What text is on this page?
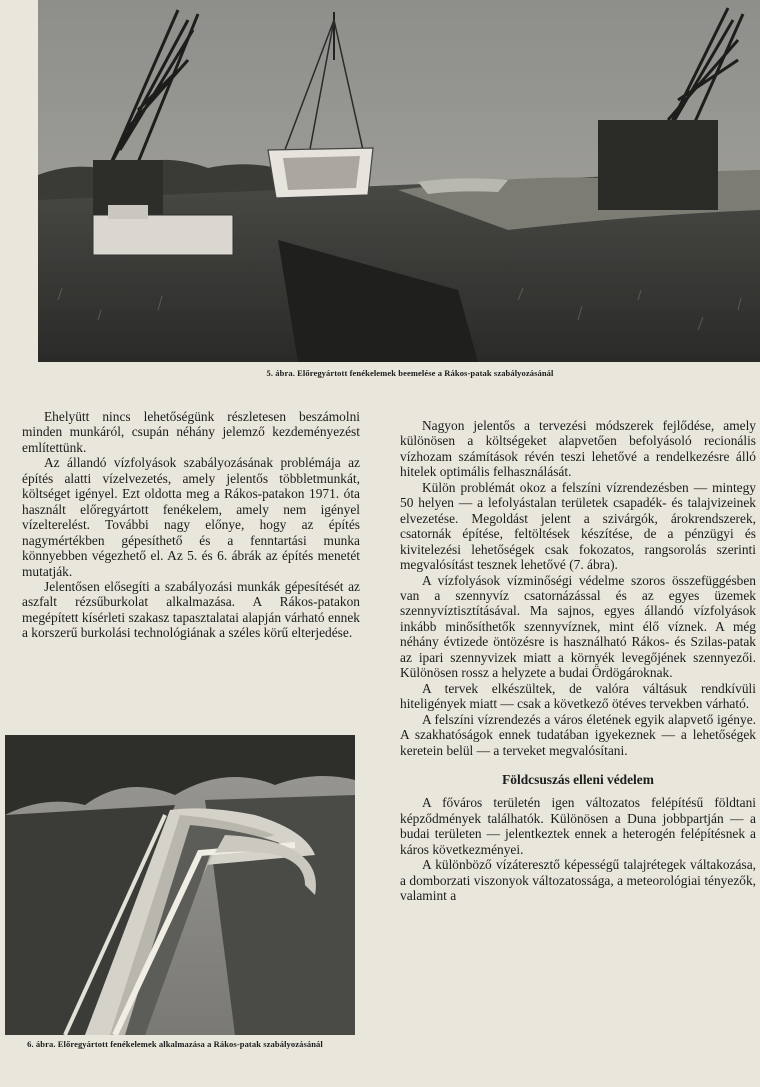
5. ábra. Előregyártott fenékelemek beemelése a Rákos-patak szabályozásánál

Ehelyütt nincs lehetőségünk részletesen beszámolni minden munkáról, csupán néhány jelemző kezdeményezést említettünk.

Az állandó vízfolyások szabályozásának problémája az építés alatti vízelvezetés, amely jelentős többletmunkát, költséget igényel. Ezt oldotta meg a Rákos-patakon 1971. óta használt előregyártott fenékelem, amely nem igényel vízelterelést. További nagy előnye, hogy az építés nagymértékben gépesíthető és a fenntartási munka könnyebben végezhető el. Az 5. és 6. ábrák az építés menetét mutatják.

Jelentősen elősegíti a szabályozási munkák gépesítését az aszfalt rézsűburkolat alkalmazása. A Rákos-patakon megépített kísérleti szakasz tapasztalatai alapján várható ennek a korszerű burkolási technológiának a széles körű elterjedése.

6. ábra. Előregyártott fenékelemek alkalmazása a Rákos-patak szabályozásánál

Nagyon jelentős a tervezési módszerek fejlődése, amely különösen a költségeket alapvetően befolyásoló recionális vízhozam számítások révén teszi lehetővé a rendelkezésre álló hitelek optimális felhasználását.

Külön problémát okoz a felszíni vízrendezésben — mintegy 50 helyen — a lefolyástalan területek csapadék- és talajvizeinek elvezetése. Megoldást jelent a szivárgók, árokrendszerek, csatornák építése, feltöltések készítése, de a pénzügyi és kivitelezési lehetőségek csak fokozatos, rangsorolás szerinti megvalósítást tesznek lehetővé (7. ábra).

A vízfolyások vízminőségi védelme szoros összefüggésben van a szennyvíz csatornázással és az egyes üzemek szennyvíztisztításával. Ma sajnos, egyes állandó vízfolyások inkább minősíthetők szennyvíznek, mint élő víznek. A még néhány évtizede öntözésre is használható Rákos- és Szilas-patak az ipari szennyvizek miatt a környék levegőjének szennyezői. Különösen rossz a helyzete a budai Ördögároknak.

A tervek elkészültek, de valóra váltásuk rendkívüli hiteligények miatt — csak a következő ötéves tervekben várható.

A felszíni vízrendezés a város életének egyik alapvető igénye. A szakhatóságok ennek tudatában igyekeznek — a lehetőségek keretein belül — a terveket megvalósítani.

Földcsuszás elleni védelem

A főváros területén igen változatos felépítésű földtani képződmények találhatók. Különösen a Duna jobbpartján — a budai területen — jelentkeztek ennek a heterogén felépítésnek a káros következményei.

A különböző vízáteresztő képességű talajrétegek váltakozása, a domborzati viszonyok változatossága, a meteorológiai tényezők, valamint a
